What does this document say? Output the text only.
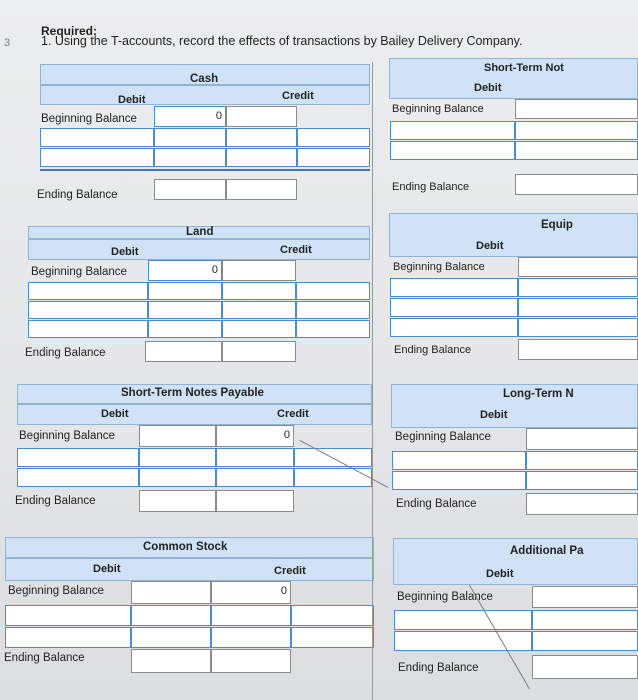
3
Required:
1. Using the T-accounts, record the effects of transactions by Bailey Delivery Company.
Cash
Debit	Credit
Beginning Balance	0
Ending Balance
Land
Debit	Credit
Beginning Balance	0
Ending Balance
Short-Term Notes Payable
Debit	Credit
Beginning Balance	0
Ending Balance
Common Stock
Debit	Credit
Beginning Balance	0
Ending Balance
Short-Term Not
Debit
Beginning Balance
Ending Balance
Equip
Debit
Beginning Balance
Ending Balance
Long-Term N
Debit
Beginning Balance
Ending Balance
Additional Pa
Debit
Beginning Balance
Ending Balance
